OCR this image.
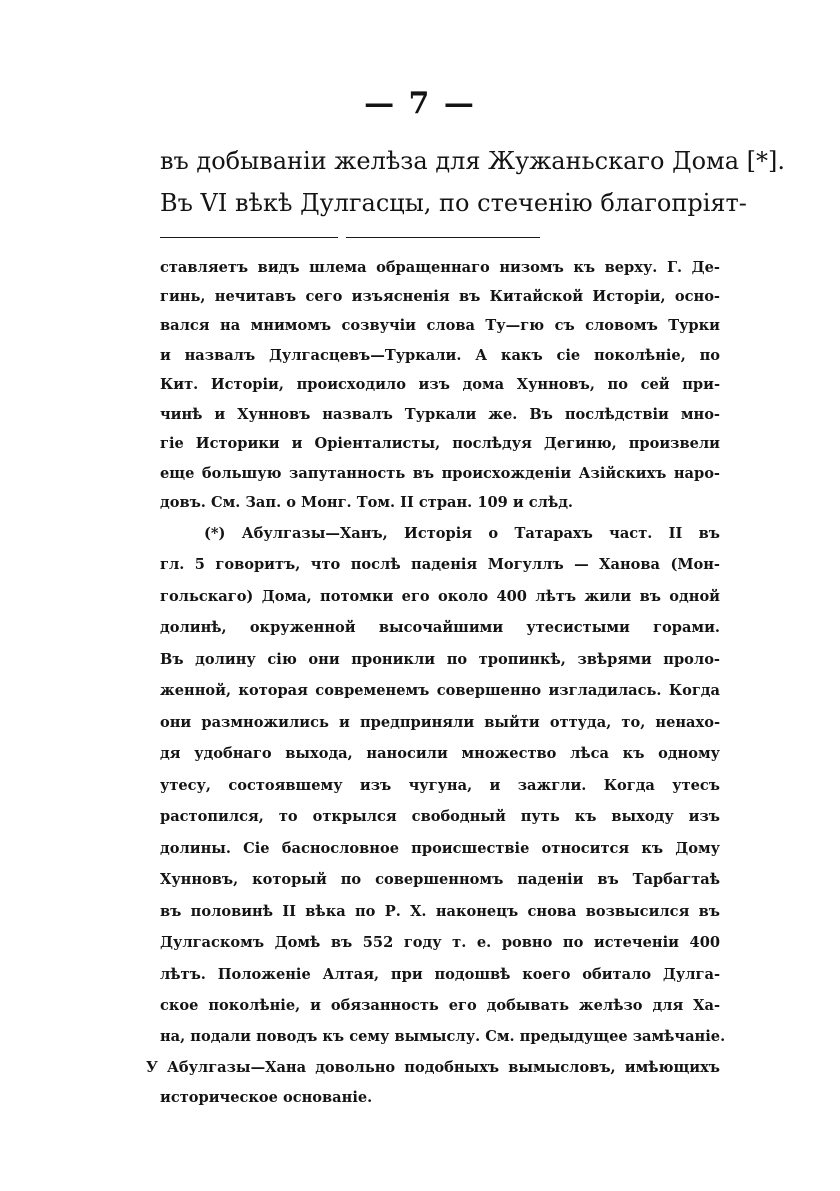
— 7 —
въ добыванiи желѣза для Жужаньскаго Дома [*].
Въ VI вѣкѣ Дулгасцы, по стеченiю благопрiят-
ставляетъ видъ шлема обращеннаго низомъ къ верху. Г. Де-
гинь, нечитавъ сего изъясненiя въ Китайской Исторiи, осно-
вался на мнимомъ созвучiи слова Ту—гю съ словомъ Турки
и назвалъ Дулгасцевъ—Туркали. А какъ сiе поколѣнiе, по
Кит. Исторiи, происходило изъ дома Хунновъ, по сей при-
чинѣ и Хунновъ назвалъ Туркали же. Въ послѣдствiи мно-
гiе Историки и Орiенталисты, послѣдуя Дегиню, произвели
еще большую запутанность въ происхожденiи Азiйскихъ наро-
довъ. См. Зап. о Монг. Том. II стран. 109 и слѣд.
(*) Абулгазы—Ханъ, Исторiя о Татарахъ част. II въ
гл. 5 говоритъ, что послѣ паденiя Могуллъ — Ханова (Мон-
гольскаго) Дома, потомки его около 400 лѣтъ жили въ одной
долинѣ, окруженной высочайшими утесистыми горами.
Въ долину сiю они проникли по тропинкѣ, звѣрями проло-
женной, которая современемъ совершенно изгладилась. Когда
они размножились и предприняли выйти оттуда, то, ненахо-
дя удобнаго выхода, наносили множество лѣса къ одному
утесу, состоявшему изъ чугуна, и зажгли. Когда утесъ
растопился, то открылся свободный путь къ выходу изъ
долины. Сiе баснословное происшествiе относится къ Дому
Хунновъ, который по совершенномъ паденiи въ Тарбагтаѣ
въ половинѣ II вѣка по Р. Х. наконецъ снова возвысился въ
Дулгаскомъ Домѣ въ 552 году т. е. ровно по истеченiи 400
лѣтъ. Положенiе Алтая, при подошвѣ коего обитало Дулга-
ское поколѣнiе, и обязанность его добывать желѣзо для Ха-
на, подали поводъ къ сему вымыслу. См. предыдущее замѣчанiе.
У Абулгазы—Хана довольно подобныхъ вымысловъ, имѣющихъ
историческое основанiе.
